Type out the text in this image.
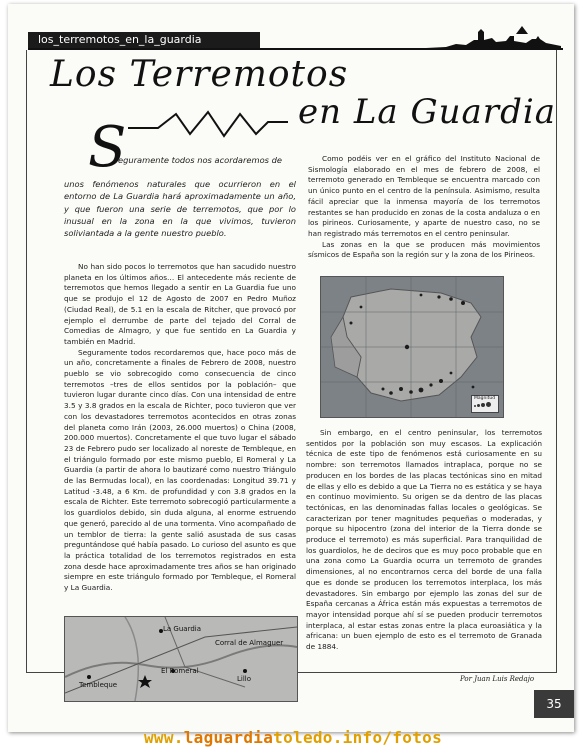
los_terremotos_en_la_guardia
Los Terremotos
en La Guardia
S
eguramente todos nos acordaremos de
unos fenómenos naturales que ocurrieron en el entorno de La Guardia hará aproximadamente un año, y que fueron una serie de terremotos, que por lo inusual en la zona en la que vivimos, tuvieron soliviantada a la gente nuestro pueblo.

No han sido pocos lo terremotos que han sacudido nuestro planeta en los últimos años… El antecedente más reciente de terremotos que hemos llegado a sentir en La Guardia fue uno que se produjo el 12 de Agosto de 2007 en Pedro Muñoz (Ciudad Real), de 5.1 en la escala de Ritcher, que provocó por ejemplo el derrumbe de parte del tejado del Corral de Comedias de Almagro, y que fue sentido en La Guardia y también en Madrid.

Seguramente todos recordaremos que, hace poco más de un año, concretamente a finales de Febrero de 2008, nuestro pueblo se vio sobrecogido como consecuencia de cinco terremotos –tres de ellos sentidos por la población– que tuvieron lugar durante cinco días. Con una intensidad de entre 3.5 y 3.8 grados en la escala de Richter, poco tuvieron que ver con los devastadores terremotos acontecidos en otras zonas del planeta como Irán (2003, 26.000 muertos) o China (2008, 200.000 muertos). Concretamente el que tuvo lugar el sábado 23 de Febrero pudo ser localizado al noreste de Tembleque, en el triángulo formado por este mismo pueblo, El Romeral y La Guardia (a partir de ahora lo bautizaré como nuestro Triángulo de las Bermudas local), en las coordenadas: Longitud 39.71 y Latitud -3.48, a 6 Km. de profundidad y con 3.8 grados en la escala de Richter. Este terremoto sobrecogió particularmente a los guardiolos debido, sin duda alguna, al enorme estruendo que generó, parecido al de una tormenta. Vino acompañado de un temblor de tierra: la gente salió asustada de sus casas preguntándose qué había pasado. Lo curioso del asunto es que la práctica totalidad de los terremotos registrados en esta zona desde hace aproximadamente tres años se han originado siempre en este triángulo formado por Tembleque, el Romeral y La Guardia.

Como podéis ver en el gráfico del Instituto Nacional de Sismología elaborado en el mes de febrero de 2008, el terremoto generado en Tembleque se encuentra marcado con un único punto en el centro de la península. Asimismo, resulta fácil apreciar que la inmensa mayoría de los terremotos restantes se han producido en zonas de la costa andaluza o en los pirineos. Curiosamente, y aparte de nuestro caso, no se han registrado más terremotos en el centro peninsular.

Las zonas en la que se producen más movimientos sísmicos de España son la región sur y la zona de los Pirineos.

Magnitud

Sin embargo, en el centro peninsular, los terremotos sentidos por la población son muy escasos. La explicación técnica de este tipo de fenómenos está curiosamente en su nombre: son terremotos llamados intraplaca, porque no se producen en los bordes de las placas tectónicas sino en mitad de ellas y ello es debido a que La Tierra no es estática y se haya en continuo movimiento. Su origen se da dentro de las placas tectónicas, en las denominadas fallas locales o geológicas. Se caracterizan por tener magnitudes pequeñas o moderadas, y porque su hipocentro (zona del interior de la Tierra donde se produce el terremoto) es más superficial. Para tranquilidad de los guardiolos, he de deciros que es muy poco probable que en una zona como La Guardia ocurra un terremoto de grandes dimensiones, al no encontrarnos cerca del borde de una falla que es donde se producen los terremotos interplaca, los más devastadores. Sin embargo por ejemplo las zonas del sur de España cercanas a África están más expuestas a terremotos de mayor intensidad porque ahí sí se pueden producir terremotos interplaca, al estar estas zonas entre la placa euroasiática y la africana: un buen ejemplo de esto es el terremoto de Granada de 1884.

La Guardia
Corral de Almaguer
El Romeral
Tembleque
Lillo	Por Juan Luis Redajo
35
www.laguardiatoledo.info/fotos
